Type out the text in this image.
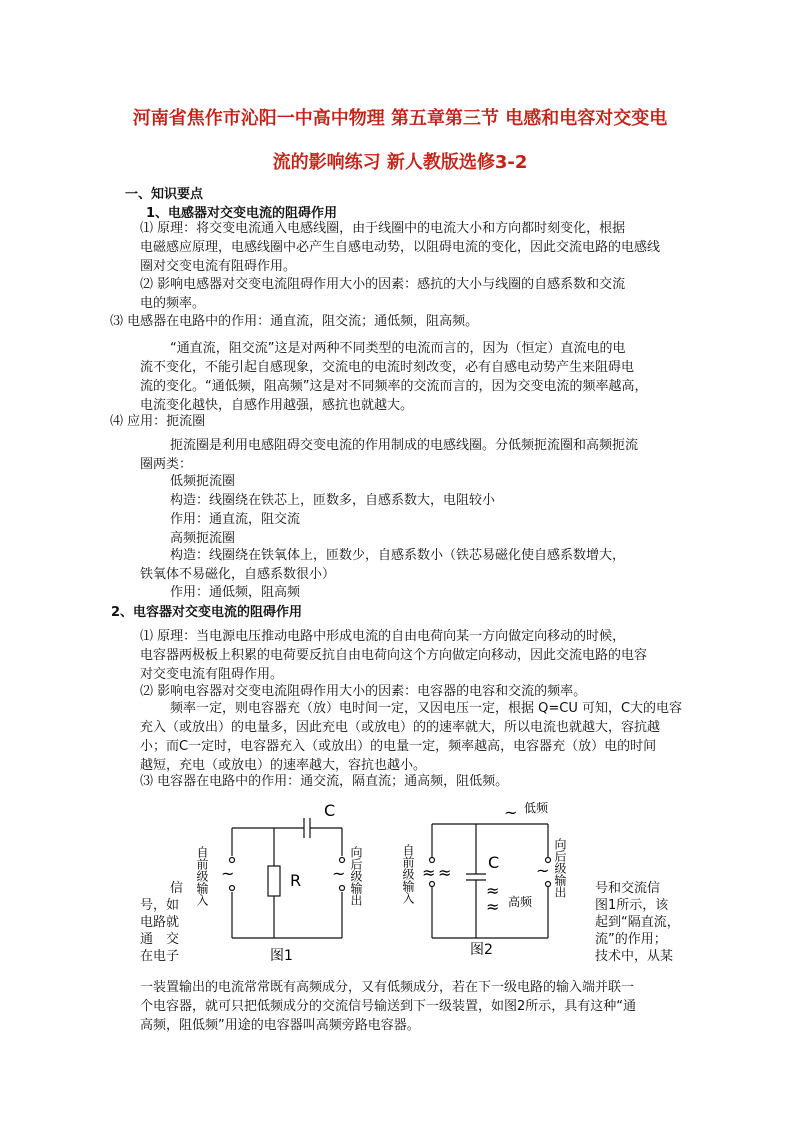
河南省焦作市沁阳一中高中物理 第五章第三节 电感和电容对交变电
流的影响练习 新人教版选修3-2
一、知识要点
1、电感器对交变电流的阻碍作用
⑴ 原理：将交变电流通入电感线圈，由于线圈中的电流大小和方向都时刻变化，根据
电磁感应原理，电感线圈中必产生自感电动势，以阻碍电流的变化，因此交流电路的电感线
圈对交变电流有阻碍作用。
⑵ 影响电感器对交变电流阻碍作用大小的因素：感抗的大小与线圈的自感系数和交流
电的频率。
⑶ 电感器在电路中的作用：通直流，阻交流；通低频，阻高频。
“通直流，阻交流”这是对两种不同类型的电流而言的，因为（恒定）直流电的电
流不变化，不能引起自感现象，交流电的电流时刻改变，必有自感电动势产生来阻碍电
流的变化。“通低频，阻高频”这是对不同频率的交流而言的，因为交变电流的频率越高，
电流变化越快，自感作用越强，感抗也就越大。
⑷ 应用：扼流圈
扼流圈是利用电感阻碍交变电流的作用制成的电感线圈。分低频扼流圈和高频扼流
圈两类：
低频扼流圈
构造：线圈绕在铁芯上，匝数多，自感系数大，电阻较小
作用：通直流，阻交流
高频扼流圈
构造：线圈绕在铁氧体上，匝数少，自感系数小（铁芯易磁化使自感系数增大，
铁氧体不易磁化，自感系数很小）
作用：通低频，阻高频
2、电容器对交变电流的阻碍作用
⑴ 原理：当电源电压推动电路中形成电流的自由电荷向某一方向做定向移动的时候，
电容器两极板上积累的电荷要反抗自由电荷向这个方向做定向移动，因此交流电路的电容
对交变电流有阻碍作用。
⑵ 影响电容器对交变电流阻碍作用大小的因素：电容器的电容和交流的频率。
频率一定，则电容器充（放）电时间一定，又因电压一定，根据 Q=CU 可知，C大的电容
充入（或放出）的电量多，因此充电（或放电）的的速率就大，所以电流也就越大，容抗越
小；而C一定时，电容器充入（或放出）的电量一定，频率越高，电容器充（放）电的时间
越短，充电（或放电）的速率越大，容抗也越小。
⑶ 电容器在电路中的作用：通交流，隔直流；通高频，阻低频。
信
号，如
电路就
通　交
在电子
号和交流信
图1所示，该
起到“隔直流，
流”的作用；
技术中，从某
C
R
~	~
自前级输入	向后级输出
图1
C
~ 低频
≈ ≈
≈
≈ 高频
~
自前级输入	向后级输出
图2
一装置输出的电流常常既有高频成分，又有低频成分，若在下一级电路的输入端并联一
个电容器，就可只把低频成分的交流信号输送到下一级装置，如图2所示，具有这种“通
高频，阻低频”用途的电容器叫高频旁路电容器。
